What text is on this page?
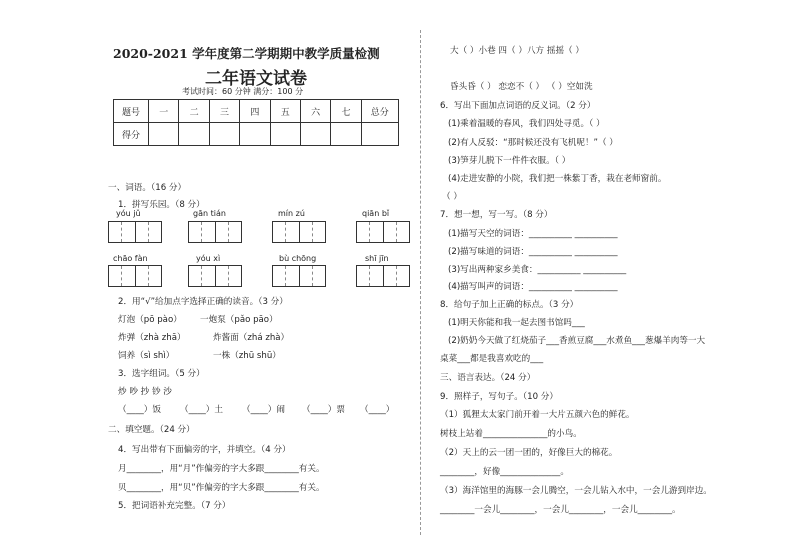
2020-2021 学年度第二学期期中教学质量检测
二年语文试卷
考试时间：60 分钟 满分：100 分
题号	一	二	三	四	五	六	七	总分
得分								
一、词语。（16 分）
1．拼写乐园。（8 分）
yóu jǔ	gān tián	mín zú	qiān bǐ
chāo fàn	yóu xì	bù chōng	shī jīn
2．用“√”给加点字选择正确的读音。（3 分）
灯泡（pō pào） 一炮泵（pǎo pāo）
炸弹（zhà zhā）	炸酱面（zhá zhà）
饲养（sì shì）	一株（zhū shū）
3．选字组词。（5 分）
炒 吵 抄 钞 沙
（____）饭 （____）土 （____）闹 （____）票 （____）
二、填空题。（24 分）
4．写出带有下面偏旁的字，并填空。（4 分）
月________，用“月”作偏旁的字大多跟________有关。
贝________，用“贝”作偏旁的字大多跟________有关。
5．把词语补充完整。（7 分）
大（ ）小巷 四（ ）八方 摇摇（ ）
昏头昏（ ） 恋恋不（ ） （ ）空如洗
6．写出下面加点词语的反义词。（2 分）
(1)乘着温暖的春风，我们四处寻觅。（ ）
(2)有人反驳：“那时候还没有飞机呢！”（ ）
(3)笋芽儿脱下一件件衣服。（ ）
(4)走进安静的小院，我们把一株紫丁香，栽在老师窗前。
（ ）
7．想一想，写一写。（8 分）
(1)描写天空的词语：__________ __________
(2)描写味道的词语：__________ __________
(3)写出两种家乡美食：__________ __________
(4)描写叫声的词语：__________ __________
8．给句子加上正确的标点。（3 分）
(1)明天你能和我一起去图书馆吗___
(2)奶奶今天做了红烧茄子___香煎豆腐___水煮鱼___葱爆羊肉等一大
桌菜___都是我喜欢吃的___
三、语言表达。（24 分）
9．照样子，写句子。（10 分）
（1）狐狸太太家门前开着一大片五颜六色的鲜花。
树枝上站着_______________的小鸟。
（2）天上的云一团一团的，好像巨大的棉花。
________，好像______________。
（3）海洋馆里的海豚一会儿腾空，一会儿钻入水中，一会儿游到岸边。
________一会儿________，一会儿________，一会儿________。
